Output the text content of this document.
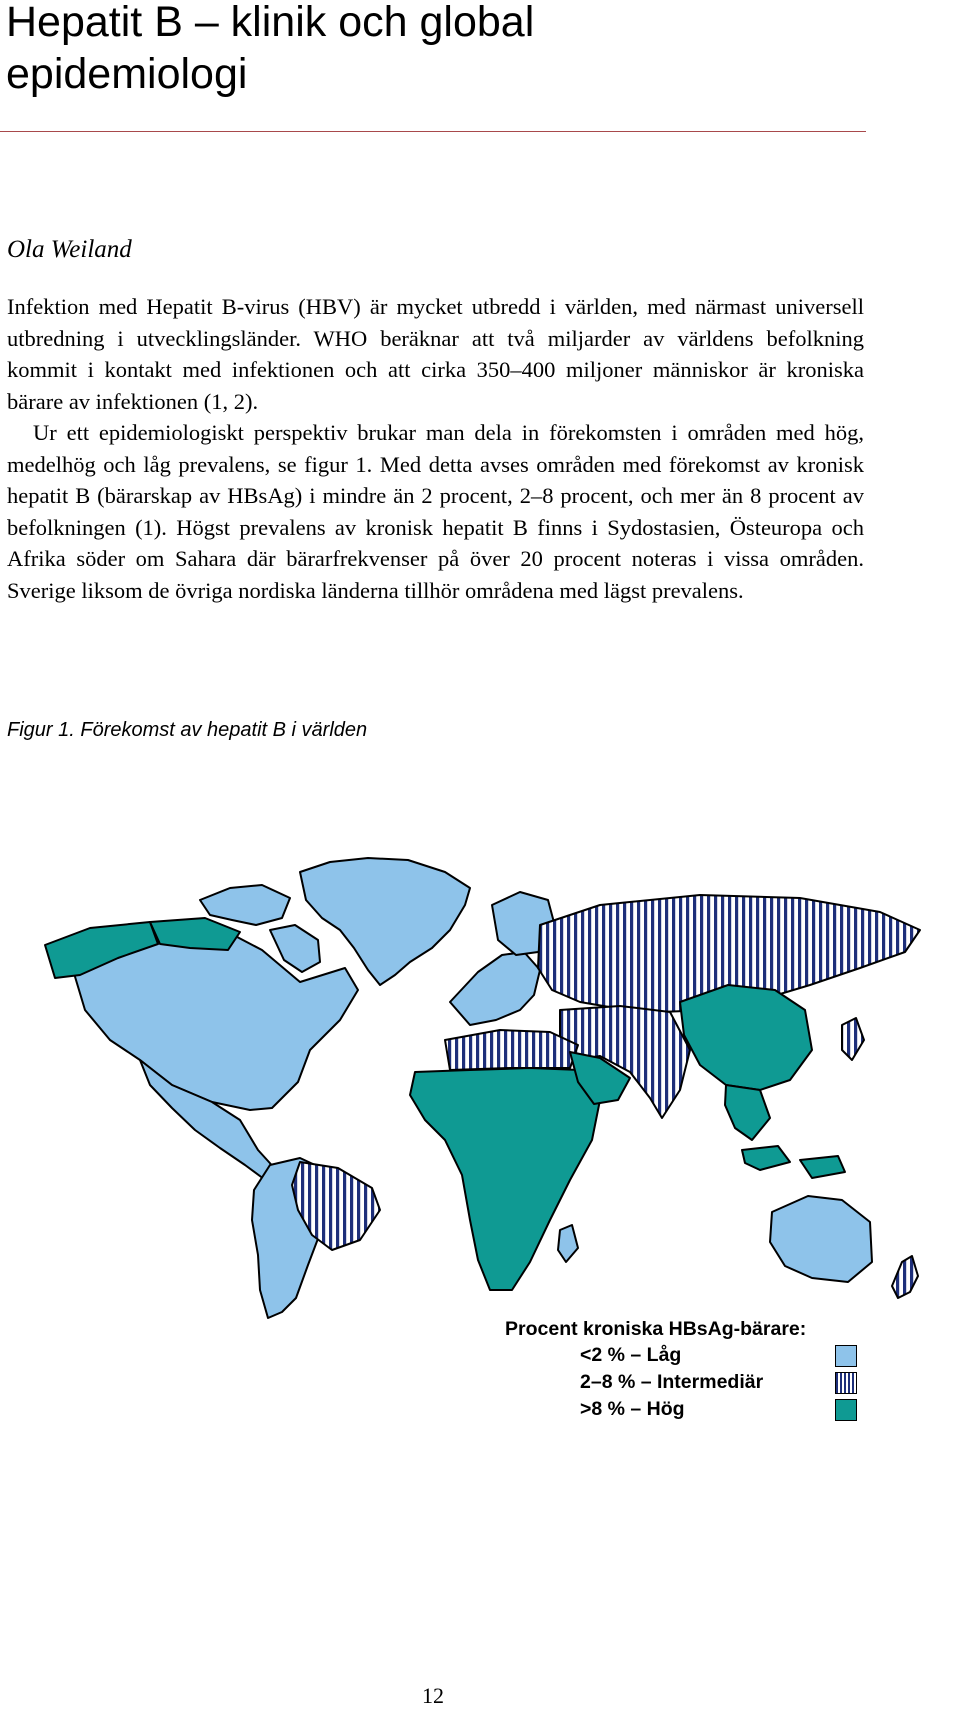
Hepatit B – klinik och global
epidemiologi

Ola Weiland

Infektion med Hepatit B-virus (HBV) är mycket utbredd i världen, med närmast universell utbredning i utvecklingsländer. WHO beräknar att två miljarder av världens befolkning kommit i kontakt med infektionen och att cirka 350–400 miljoner människor är kroniska bärare av infektionen (1, 2).

Ur ett epidemiologiskt perspektiv brukar man dela in förekomsten i områden med hög, medelhög och låg prevalens, se figur 1. Med detta avses områden med förekomst av kronisk hepatit B (bärarskap av HBsAg) i mindre än 2 procent, 2–8 procent, och mer än 8 procent av befolkningen (1). Högst prevalens av kronisk hepatit B finns i Sydostasien, Östeuropa och Afrika söder om Sahara där bärarfrekvenser på över 20 procent noteras i vissa områden. Sverige liksom de övriga nordiska länderna tillhör områdena med lägst prevalens.

Figur 1. Förekomst av hepatit B i världen

Procent kroniska HBsAg-bärare:
<2 % – Låg
2–8 % – Intermediär
>8 % – Hög
12
